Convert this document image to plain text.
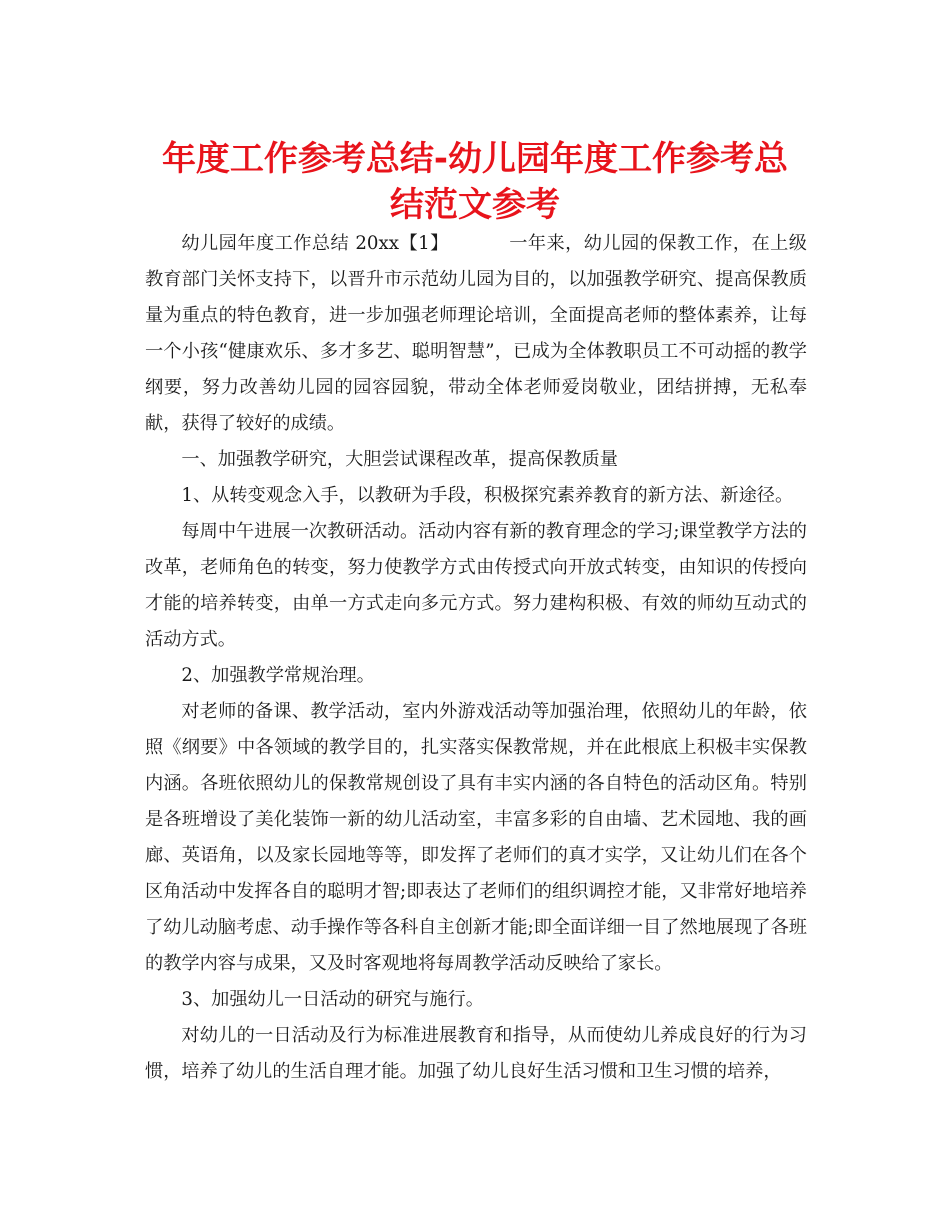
年度工作参考总结-幼儿园年度工作参考总结范文参考

幼儿园年度工作总结 20xx【1】	一年来，幼儿园的保教工作，在上级教育部门关怀支持下，以晋升市示范幼儿园为目的，以加强教学研究、提高保教质量为重点的特色教育，进一步加强老师理论培训，全面提高老师的整体素养，让每一个小孩“健康欢乐、多才多艺、聪明智慧”，已成为全体教职员工不可动摇的教学纲要，努力改善幼儿园的园容园貌，带动全体老师爱岗敬业，团结拼搏，无私奉献，获得了较好的成绩。

一、加强教学研究，大胆尝试课程改革，提高保教质量

1、从转变观念入手，以教研为手段，积极探究素养教育的新方法、新途径。

每周中午进展一次教研活动。活动内容有新的教育理念的学习;课堂教学方法的改革，老师角色的转变，努力使教学方式由传授式向开放式转变，由知识的传授向才能的培养转变，由单一方式走向多元方式。努力建构积极、有效的师幼互动式的活动方式。

2、加强教学常规治理。

对老师的备课、教学活动，室内外游戏活动等加强治理，依照幼儿的年龄，依照《纲要》中各领域的教学目的，扎实落实保教常规，并在此根底上积极丰实保教内涵。各班依照幼儿的保教常规创设了具有丰实内涵的各自特色的活动区角。特别是各班增设了美化装饰一新的幼儿活动室，丰富多彩的自由墙、艺术园地、我的画廊、英语角，以及家长园地等等，即发挥了老师们的真才实学，又让幼儿们在各个区角活动中发挥各自的聪明才智;即表达了老师们的组织调控才能，又非常好地培养了幼儿动脑考虑、动手操作等各科自主创新才能;即全面详细一目了然地展现了各班的教学内容与成果，又及时客观地将每周教学活动反映给了家长。

3、加强幼儿一日活动的研究与施行。

对幼儿的一日活动及行为标准进展教育和指导，从而使幼儿养成良好的行为习惯，培养了幼儿的生活自理才能。加强了幼儿良好生活习惯和卫生习惯的培养，
